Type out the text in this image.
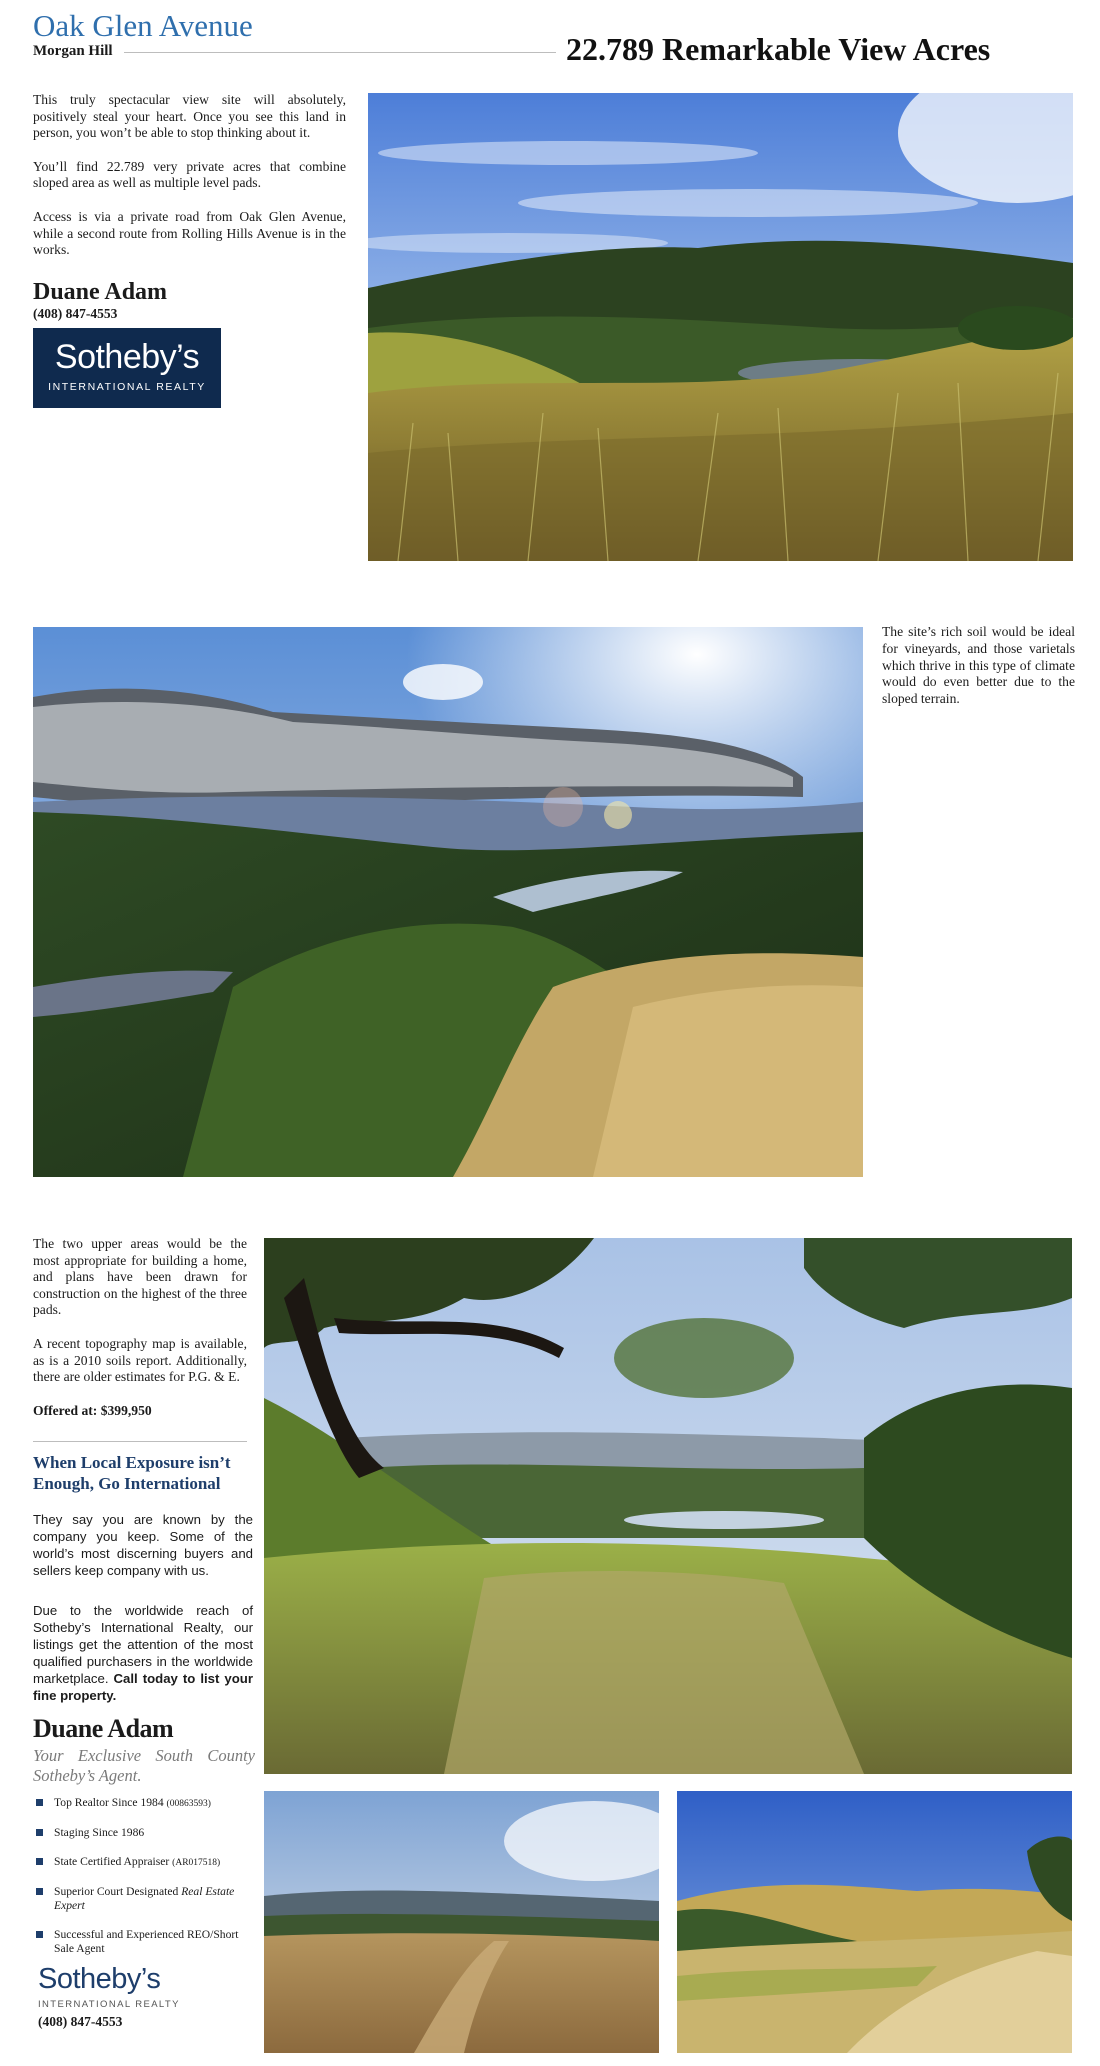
Oak Glen Avenue
Morgan Hill	22.789 Remarkable View Acres

This truly spectacular view site will absolutely, positively steal your heart. Once you see this land in person, you won’t be able to stop thinking about it.

You’ll find 22.789 very private acres that combine sloped area as well as multiple level pads.

Access is via a private road from Oak Glen Avenue, while a second route from Rolling Hills Avenue is in the works.

Duane Adam
(408) 847-4553
Sotheby’s
INTERNATIONAL REALTY
The site’s rich soil would be ideal for vineyards, and those varietals which thrive in this type of climate would do even better due to the sloped terrain.

The two upper areas would be the most appropriate for building a home, and plans have been drawn for construction on the highest of the three pads.

A recent topography map is available, as is a 2010 soils report. Additionally, there are older estimates for P.G. & E.

Offered at: $399,950

When Local Exposure isn’t Enough, Go International
They say you are known by the company you keep. Some of the world’s most discerning buyers and sellers keep company with us.
Due to the worldwide reach of Sotheby’s International Realty, our listings get the attention of the most qualified purchasers in the worldwide marketplace. Call today to list your fine property.
Duane Adam
Your Exclusive South County Sotheby’s Agent.
Top Realtor Since 1984 (00863593)
Staging Since 1986
State Certified Appraiser (AR017518)
Superior Court Designated Real Estate Expert
Successful and Experienced REO/Short Sale Agent
Sotheby’s
INTERNATIONAL REALTY
(408) 847-4553
